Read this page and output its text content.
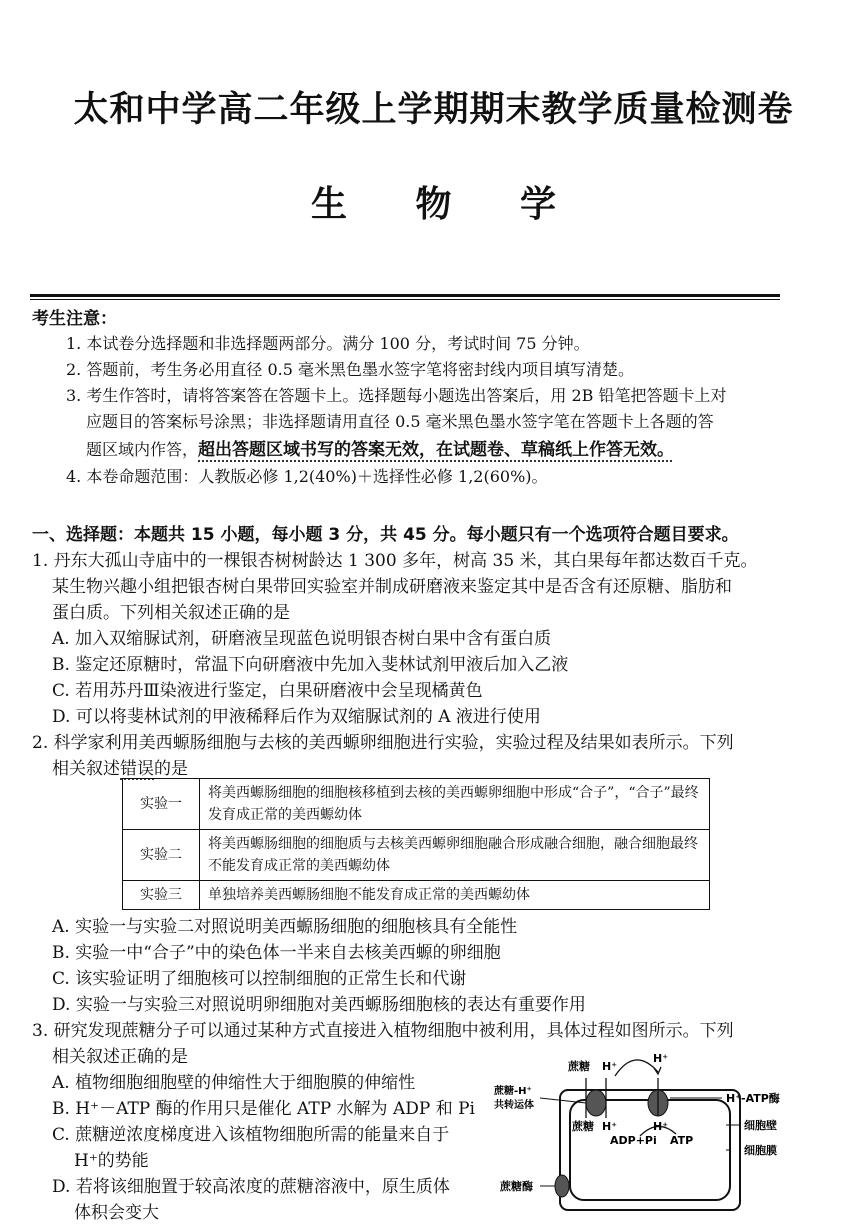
太和中学高二年级上学期期末教学质量检测卷
生 物 学
考生注意：
1. 本试卷分选择题和非选择题两部分。满分 100 分，考试时间 75 分钟。
2. 答题前，考生务必用直径 0.5 毫米黑色墨水签字笔将密封线内项目填写清楚。
3. 考生作答时，请将答案答在答题卡上。选择题每小题选出答案后，用 2B 铅笔把答题卡上对
应题目的答案标号涂黑；非选择题请用直径 0.5 毫米黑色墨水签字笔在答题卡上各题的答
题区域内作答，超出答题区域书写的答案无效，在试题卷、草稿纸上作答无效。
4. 本卷命题范围：人教版必修 1,2(40%)＋选择性必修 1,2(60%)。
一、选择题：本题共 15 小题，每小题 3 分，共 45 分。每小题只有一个选项符合题目要求。
1. 丹东大孤山寺庙中的一棵银杏树树龄达 1 300 多年，树高 35 米，其白果每年都达数百千克。
某生物兴趣小组把银杏树白果带回实验室并制成研磨液来鉴定其中是否含有还原糖、脂肪和
蛋白质。下列相关叙述正确的是
A. 加入双缩脲试剂，研磨液呈现蓝色说明银杏树白果中含有蛋白质
B. 鉴定还原糖时，常温下向研磨液中先加入斐林试剂甲液后加入乙液
C. 若用苏丹Ⅲ染液进行鉴定，白果研磨液中会呈现橘黄色
D. 可以将斐林试剂的甲液稀释后作为双缩脲试剂的 A 液进行使用
2. 科学家利用美西螈肠细胞与去核的美西螈卵细胞进行实验，实验过程及结果如表所示。下列
相关叙述错误的是
实验一	将美西螈肠细胞的细胞核移植到去核的美西螈卵细胞中形成“合子”，“合子”最终发育成正常的美西螈幼体
实验二	将美西螈肠细胞的细胞质与去核美西螈卵细胞融合形成融合细胞，融合细胞最终不能发育成正常的美西螈幼体
实验三	单独培养美西螈肠细胞不能发育成正常的美西螈幼体
A. 实验一与实验二对照说明美西螈肠细胞的细胞核具有全能性
B. 实验一中“合子”中的染色体一半来自去核美西螈的卵细胞
C. 该实验证明了细胞核可以控制细胞的正常生长和代谢
D. 实验一与实验三对照说明卵细胞对美西螈肠细胞核的表达有重要作用
3. 研究发现蔗糖分子可以通过某种方式直接进入植物细胞中被利用，具体过程如图所示。下列
相关叙述正确的是
A. 植物细胞细胞壁的伸缩性大于细胞膜的伸缩性
B. H⁺－ATP 酶的作用只是催化 ATP 水解为 ADP 和 Pi
C. 蔗糖逆浓度梯度进入该植物细胞所需的能量来自于
H⁺的势能
D. 若将该细胞置于较高浓度的蔗糖溶液中，原生质体
体积会变大
蔗糖 H⁺
H⁺
蔗糖-H⁺
共转运体
蔗糖 H⁺	H⁺
ADP+Pi ATP
H⁺-ATP酶
细胞壁
细胞膜
蔗糖酶
